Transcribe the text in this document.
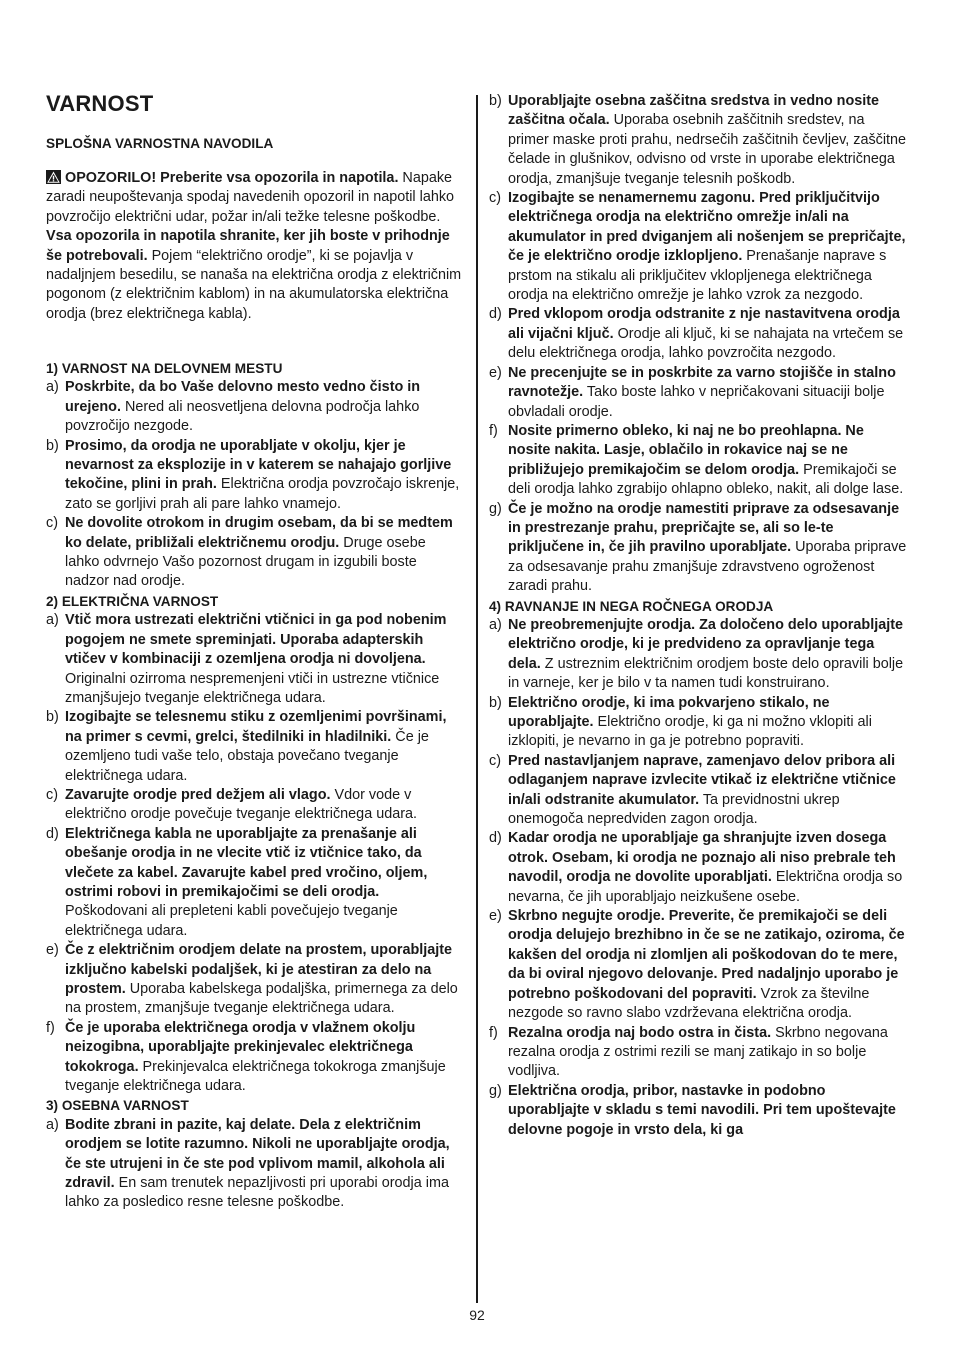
VARNOST

SPLOŠNA VARNOSTNA NAVODILA

OPOZORILO! Preberite vsa opozorila in napotila. Napake zaradi neupoštevanja spodaj navedenih opozoril in napotil lahko povzročijo električni udar, požar in/ali težke telesne poškodbe. Vsa opozorila in napotila shranite, ker jih boste v prihodnje še potrebovali. Pojem “električno orodje”, ki se pojavlja v nadaljnjem besedilu, se nanaša na električna orodja z električnim pogonom (z električnim kablom) in na akumulatorska električna orodja (brez električnega kabla).

1) VARNOST NA DELOVNEM MESTU

a) Poskrbite, da bo Vaše delovno mesto vedno čisto in urejeno. Nered ali neosvetljena delovna področja lahko povzročijo nezgode.
b) Prosimo, da orodja ne uporabljate v okolju, kjer je nevarnost za eksplozije in v katerem se nahajajo gorljive tekočine, plini in prah. Električna orodja povzročajo iskrenje, zato se gorljivi prah ali pare lahko vnamejo.
c) Ne dovolite otrokom in drugim osebam, da bi se medtem ko delate, približali električnemu orodju. Druge osebe lahko odvrnejo Vašo pozornost drugam in izgubili boste nadzor nad orodje.

2) ELEKTRIČNA VARNOST

a) Vtič mora ustrezati električni vtičnici in ga pod nobenim pogojem ne smete spreminjati. Uporaba adapterskih vtičev v kombinaciji z ozemljena orodja ni dovoljena. Originalni ozirroma nespremenjeni vtiči in ustrezne vtičnice zmanjšujejo tveganje električnega udara.
b) Izogibajte se telesnemu stiku z ozemljenimi površinami, na primer s cevmi, grelci, štedilniki in hladilniki. Če je ozemljeno tudi vaše telo, obstaja povečano tveganje električnega udara.
c) Zavarujte orodje pred dežjem ali vlago. Vdor vode v električno orodje povečuje tveganje električnega udara.
d) Električnega kabla ne uporabljajte za prenašanje ali obešanje orodja in ne vlecite vtič iz vtičnice tako, da vlečete za kabel. Zavarujte kabel pred vročino, oljem, ostrimi robovi in premikajočimi se deli orodja. Poškodovani ali prepleteni kabli povečujejo tveganje električnega udara.
e) Če z električnim orodjem delate na prostem, uporabljajte izključno kabelski podaljšek, ki je atestiran za delo na prostem. Uporaba kabelskega podaljška, primernega za delo na prostem, zmanjšuje tveganje električnega udara.
f) Če je uporaba električnega orodja v vlažnem okolju neizogibna, uporabljajte prekinjevalec električnega tokokroga. Prekinjevalca električnega tokokroga zmanjšuje tveganje električnega udara.

3) OSEBNA VARNOST

a) Bodite zbrani in pazite, kaj delate. Dela z električnim orodjem se lotite razumno. Nikoli ne uporabljajte orodja, če ste utrujeni in če ste pod vplivom mamil, alkohola ali zdravil. En sam trenutek nepazljivosti pri uporabi orodja ima lahko za posledico resne telesne poškodbe.
b) Uporabljajte osebna zaščitna sredstva in vedno nosite zaščitna očala. Uporaba osebnih zaščitnih sredstev, na primer maske proti prahu, nedrsečih zaščitnih čevljev, zaščitne čelade in glušnikov, odvisno od vrste in uporabe električnega orodja, zmanjšuje tveganje telesnih poškodb.
c) Izogibajte se nenamernemu zagonu. Pred priključitvijo električnega orodja na električno omrežje in/ali na akumulator in pred dviganjem ali nošenjem se prepričajte, če je električno orodje izklopljeno. Prenašanje naprave s prstom na stikalu ali priključitev vklopljenega električnega orodja na električno omrežje je lahko vzrok za nezgodo.
d) Pred vklopom orodja odstranite z nje nastavitvena orodja ali vijačni ključ. Orodje ali ključ, ki se nahajata na vrtečem se delu električnega orodja, lahko povzročita nezgodo.
e) Ne precenjujte se in poskrbite za varno stojišče in stalno ravnotežje. Tako boste lahko v nepričakovani situaciji bolje obvladali orodje.
f) Nosite primerno obleko, ki naj ne bo preohlapna. Ne nosite nakita. Lasje, oblačilo in rokavice naj se ne približujejo premikajočim se delom orodja. Premikajoči se deli orodja lahko zgrabijo ohlapno obleko, nakit, ali dolge lase.
g) Če je možno na orodje namestiti priprave za odsesavanje in prestrezanje prahu, prepričajte se, ali so le-te priključene in, če jih pravilno uporabljate. Uporaba priprave za odsesavanje prahu zmanjšuje zdravstveno ogroženost zaradi prahu.

4) RAVNANJE IN NEGA ROČNEGA ORODJA

a) Ne preobremenjujte orodja. Za določeno delo uporabljajte električno orodje, ki je predvideno za opravljanje tega dela. Z ustreznim električnim orodjem boste delo opravili bolje in varneje, ker je bilo v ta namen tudi konstruirano.
b) Električno orodje, ki ima pokvarjeno stikalo, ne uporabljajte. Električno orodje, ki ga ni možno vklopiti ali izklopiti, je nevarno in ga je potrebno popraviti.
c) Pred nastavljanjem naprave, zamenjavo delov pribora ali odlaganjem naprave izvlecite vtikač iz električne vtičnice in/ali odstranite akumulator. Ta previdnostni ukrep onemogoča nepredviden zagon orodja.
d) Kadar orodja ne uporabljaje ga shranjujte izven dosega otrok. Osebam, ki orodja ne poznajo ali niso prebrale teh navodil, orodja ne dovolite uporabljati. Električna orodja so nevarna, če jih uporabljajo neizkušene osebe.
e) Skrbno negujte orodje. Preverite, če premikajoči se deli orodja delujejo brezhibno in če se ne zatikajo, oziroma, če kakšen del orodja ni zlomljen ali poškodovan do te mere, da bi oviral njegovo delovanje. Pred nadaljnjo uporabo je potrebno poškodovani del popraviti. Vzrok za številne nezgode so ravno slabo vzdrževana električna orodja.
f) Rezalna orodja naj bodo ostra in čista. Skrbno negovana rezalna orodja z ostrimi rezili se manj zatikajo in so bolje vodljiva.
g) Električna orodja, pribor, nastavke in podobno uporabljajte v skladu s temi navodili. Pri tem upoštevajte delovne pogoje in vrsto dela, ki ga
92
